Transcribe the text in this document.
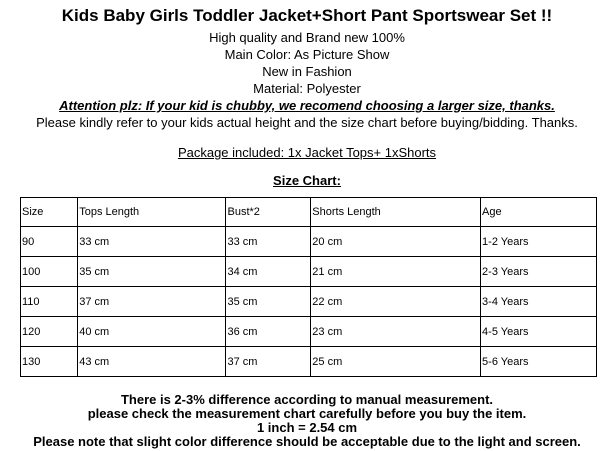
Kids Baby Girls Toddler Jacket+Short Pant Sportswear Set !!
High quality and Brand new 100%
Main Color: As Picture Show
New in Fashion
Material: Polyester
Attention plz: If your kid is chubby, we recomend choosing a larger size, thanks.
Please kindly refer to your kids actual height and the size chart before buying/bidding. Thanks.
Package included: 1x Jacket Tops+ 1xShorts
Size Chart:
Size	Tops Length	Bust*2	Shorts Length	Age
90	33 cm	33 cm	20 cm	1-2 Years
100	35 cm	34 cm	21 cm	2-3 Years
110	37 cm	35 cm	22 cm	3-4 Years
120	40 cm	36 cm	23 cm	4-5 Years
130	43 cm	37 cm	25 cm	5-6 Years
There is 2-3% difference according to manual measurement.
please check the measurement chart carefully before you buy the item.
1 inch = 2.54 cm
Please note that slight color difference should be acceptable due to the light and screen.
